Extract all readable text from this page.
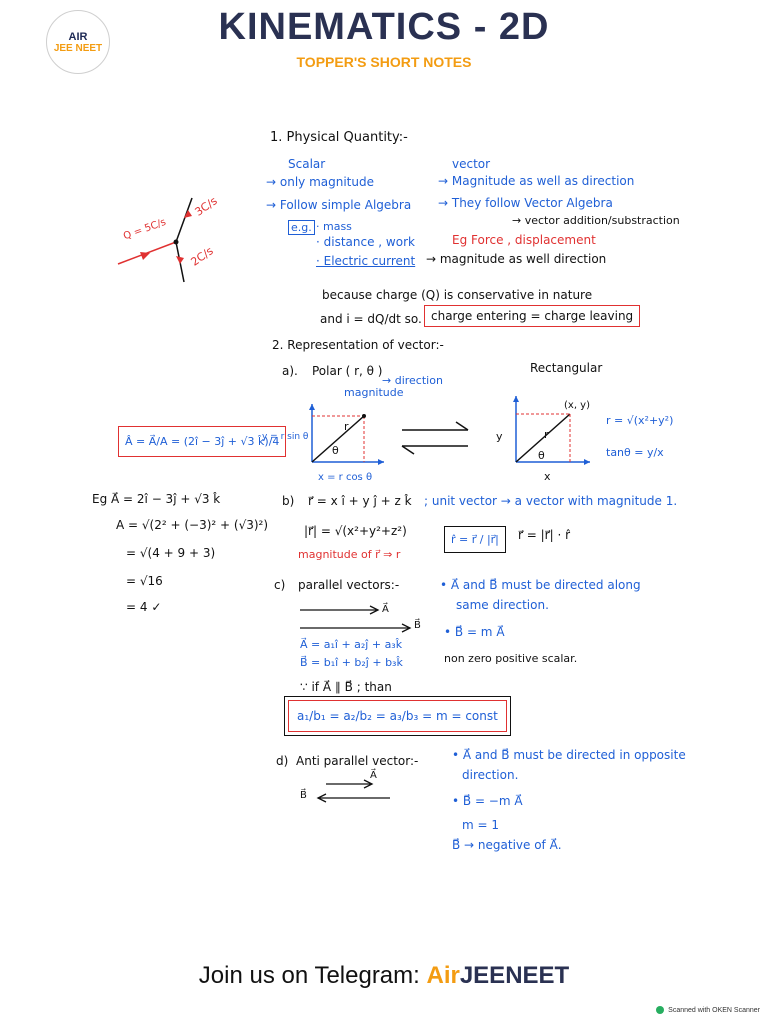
AIR
JEE NEET	KINEMATICS - 2D
TOPPER'S SHORT NOTES
1. Physical Quantity:-
Scalar
→ only magnitude
→ Follow simple Algebra
e.g. · mass
· distance , work
· Electric current → magnitude as well direction
vector
→ Magnitude as well as direction
→ They follow Vector Algebra
→ vector addition/substraction
Eg Force , displacement
because charge (Q) is conservative in nature
and i = dQ/dt so. charge entering = charge leaving
Q = 5C/s
3C/s
2C/s
2. Representation of vector:-
a). Polar ( r, θ )
→ direction
magnitude
Rectangular
r
θ
y = r sin θ
x = r cos θ
(x, y)
r
θ
y
x
r = √(x²+y²)
tanθ = y/x
Â = A⃗/A = (2î − 3ĵ + √3 k̂)/4
b) r⃗ = x î + y ĵ + z k̂ ; unit vector → a vector with magnitude 1.
|r⃗| = √(x²+y²+z²)
magnitude of r⃗ ⇒ r
r̂ = r⃗ / |r⃗|	r⃗ = |r⃗| · r̂
Eg A⃗ = 2î − 3ĵ + √3 k̂
A = √(2² + (−3)² + (√3)²)
= √(4 + 9 + 3)
= √16
= 4 ✓
c) parallel vectors:-
A⃗
B⃗
A⃗ = a₁î + a₂ĵ + a₃k̂
B⃗ = b₁î + b₂ĵ + b₃k̂
∵ if A⃗ ∥ B⃗ ; than
a₁/b₁ = a₂/b₂ = a₃/b₃ = m = const
• A⃗ and B⃗ must be directed along
same direction.
• B⃗ = m A⃗
non zero positive scalar.
d) Anti parallel vector:-
A⃗
B⃗
• A⃗ and B⃗ must be directed in opposite
direction.
• B⃗ = −m A⃗
m = 1
B⃗ → negative of A⃗.
Join us on Telegram: AirJEENEET
Scanned with OKEN Scanner
